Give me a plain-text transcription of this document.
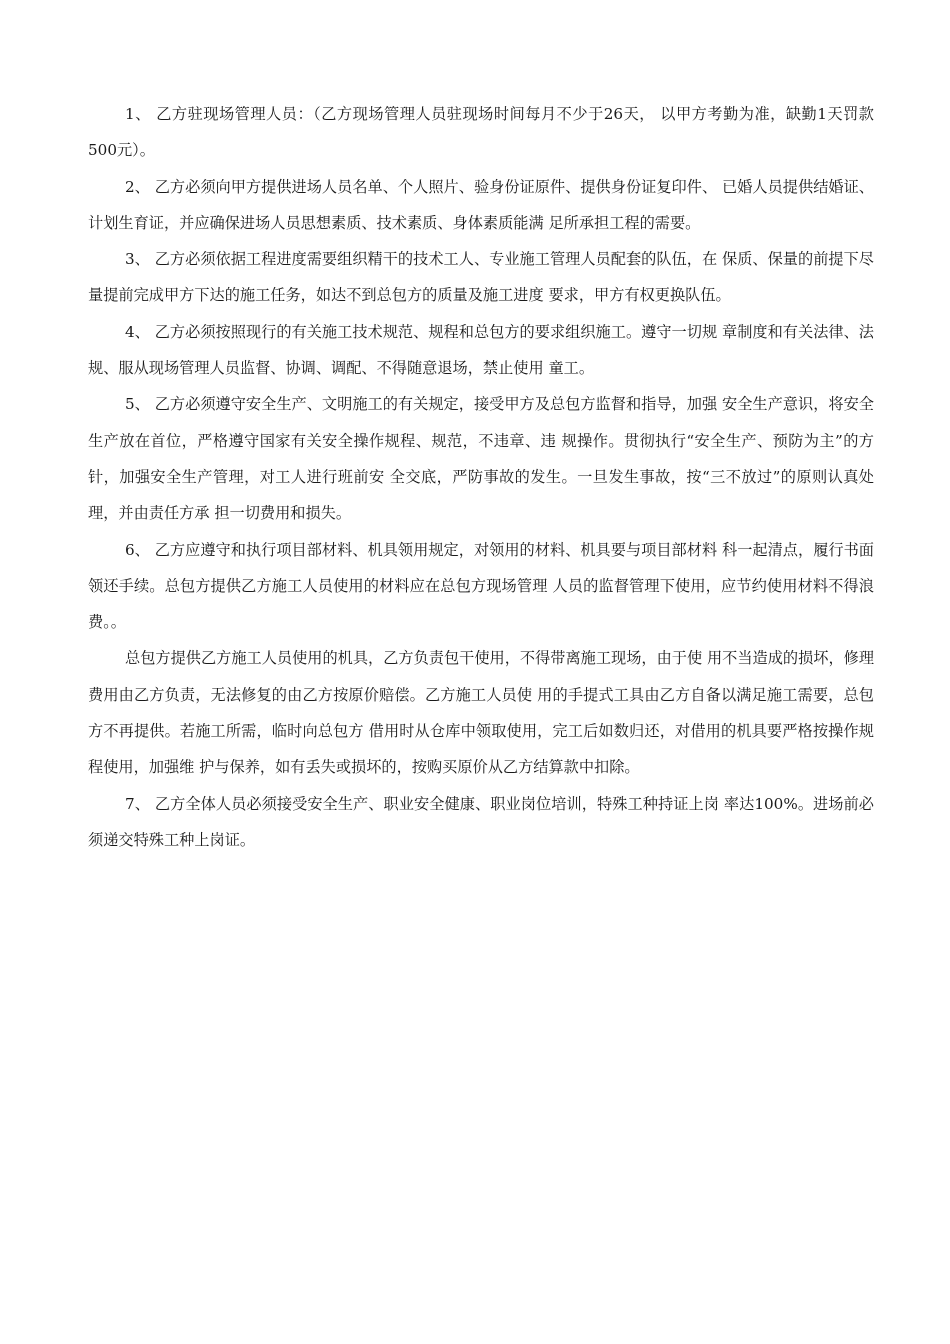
1、 乙方驻现场管理人员：（乙方现场管理人员驻现场时间每月不少于26天， 以甲方考勤为准，缺勤1天罚款500元）。

2、 乙方必须向甲方提供进场人员名单、个人照片、验身份证原件、提供身份证复印件、 已婚人员提供结婚证、计划生育证，并应确保进场人员思想素质、技术素质、身体素质能满 足所承担工程的需要。

3、 乙方必须依据工程进度需要组织精干的技术工人、专业施工管理人员配套的队伍，在 保质、保量的前提下尽量提前完成甲方下达的施工任务，如达不到总包方的质量及施工进度 要求，甲方有权更换队伍。

4、 乙方必须按照现行的有关施工技术规范、规程和总包方的要求组织施工。遵守一切规 章制度和有关法律、法规、服从现场管理人员监督、协调、调配、不得随意退场，禁止使用 童工。

5、 乙方必须遵守安全生产、文明施工的有关规定，接受甲方及总包方监督和指导，加强 安全生产意识，将安全生产放在首位，严格遵守国家有关安全操作规程、规范，不违章、违 规操作。贯彻执行“安全生产、预防为主”的方针，加强安全生产管理，对工人进行班前安 全交底，严防事故的发生。一旦发生事故，按“三不放过”的原则认真处理，并由责任方承 担一切费用和损失。

6、 乙方应遵守和执行项目部材料、机具领用规定，对领用的材料、机具要与项目部材料 科一起清点，履行书面领还手续。总包方提供乙方施工人员使用的材料应在总包方现场管理 人员的监督管理下使用，应节约使用材料不得浪费。。

总包方提供乙方施工人员使用的机具，乙方负责包干使用，不得带离施工现场，由于使 用不当造成的损坏，修理费用由乙方负责，无法修复的由乙方按原价赔偿。乙方施工人员使 用的手提式工具由乙方自备以满足施工需要，总包方不再提供。若施工所需，临时向总包方 借用时从仓库中领取使用，完工后如数归还，对借用的机具要严格按操作规程使用，加强维 护与保养，如有丢失或损坏的，按购买原价从乙方结算款中扣除。

7、 乙方全体人员必须接受安全生产、职业安全健康、职业岗位培训，特殊工种持证上岗 率达100%。进场前必须递交特殊工种上岗证。
